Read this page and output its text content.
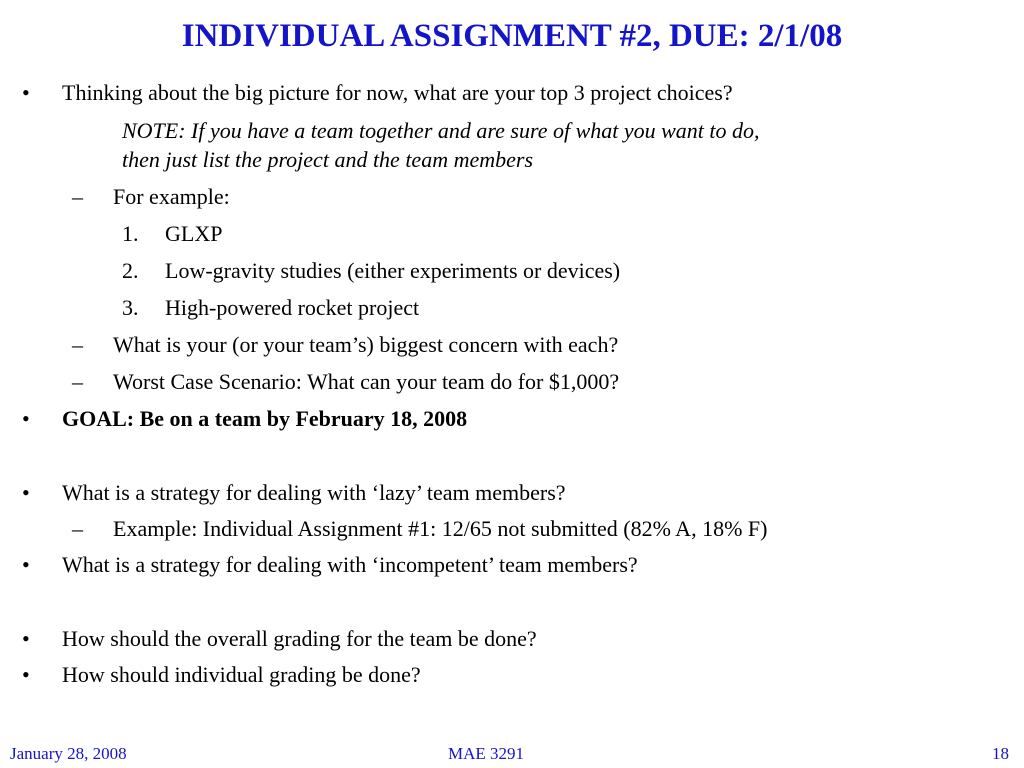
INDIVIDUAL ASSIGNMENT #2, DUE: 2/1/08
• Thinking about the big picture for now, what are your top 3 project choices?
NOTE: If you have a team together and are sure of what you want to do,
then just list the project and the team members
– For example:
1. GLXP
2. Low-gravity studies (either experiments or devices)
3. High-powered rocket project
– What is your (or your team’s) biggest concern with each?
– Worst Case Scenario: What can your team do for $1,000?
• GOAL: Be on a team by February 18, 2008
• What is a strategy for dealing with ‘lazy’ team members?
– Example: Individual Assignment #1: 12/65 not submitted (82% A, 18% F)
• What is a strategy for dealing with ‘incompetent’ team members?
• How should the overall grading for the team be done?
• How should individual grading be done?
January 28, 2008	MAE 3291	18
